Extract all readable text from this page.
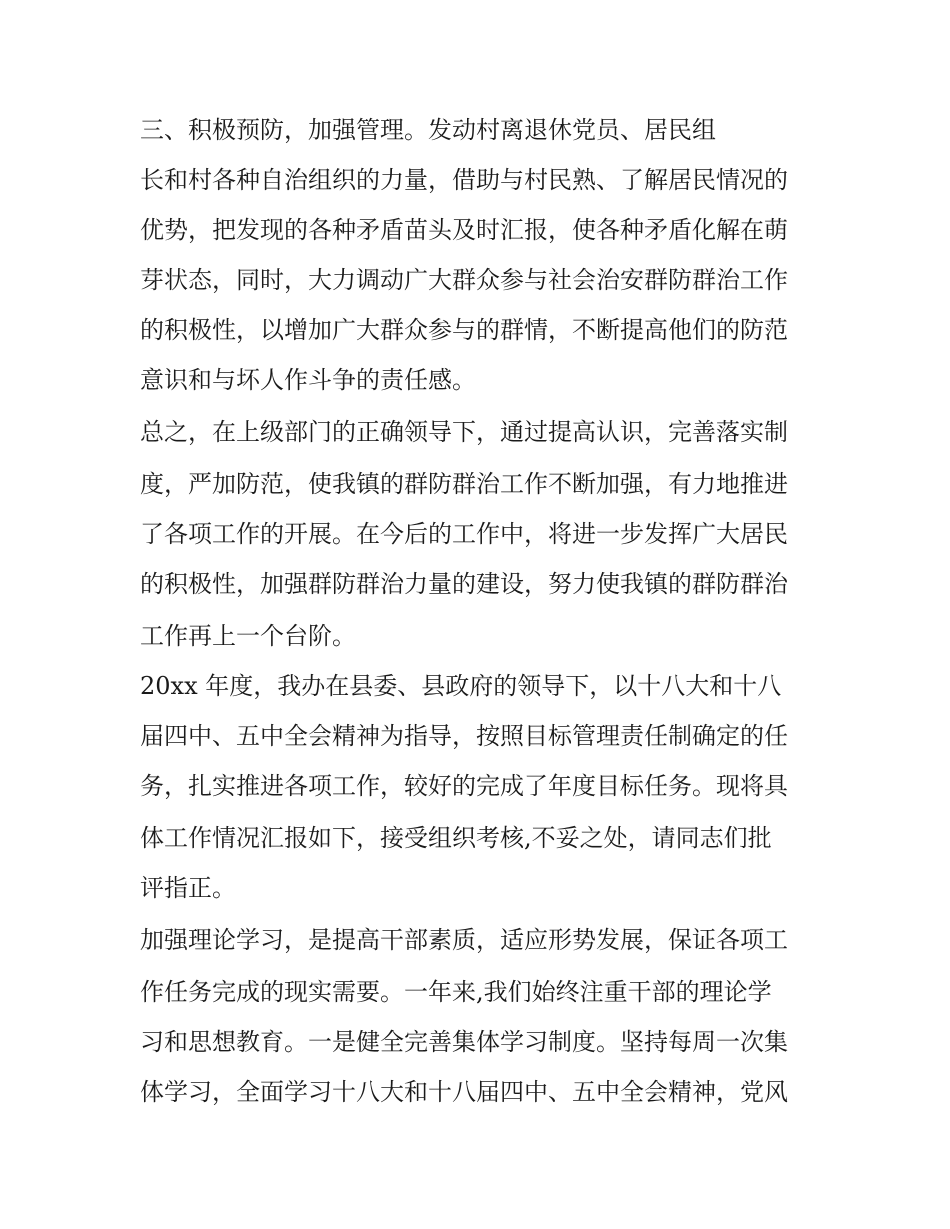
三、积极预防，加强管理。发动村离退休党员、居民组

长和村各种自治组织的力量，借助与村民熟、了解居民情况的

优势，把发现的各种矛盾苗头及时汇报，使各种矛盾化解在萌

芽状态，同时，大力调动广大群众参与社会治安群防群治工作

的积极性，以增加广大群众参与的群情，不断提高他们的防范

意识和与坏人作斗争的责任感。

总之，在上级部门的正确领导下，通过提高认识，完善落实制

度，严加防范，使我镇的群防群治工作不断加强，有力地推进

了各项工作的开展。在今后的工作中，将进一步发挥广大居民

的积极性，加强群防群治力量的建设，努力使我镇的群防群治

工作再上一个台阶。

20xx 年度，我办在县委、县政府的领导下，以十八大和十八

届四中、五中全会精神为指导，按照目标管理责任制确定的任

务，扎实推进各项工作，较好的完成了年度目标任务。现将具

体工作情况汇报如下，接受组织考核,不妥之处，请同志们批

评指正。

加强理论学习，是提高干部素质，适应形势发展，保证各项工

作任务完成的现实需要。一年来,我们始终注重干部的理论学

习和思想教育。一是健全完善集体学习制度。坚持每周一次集

体学习，全面学习十八大和十八届四中、五中全会精神，党风
